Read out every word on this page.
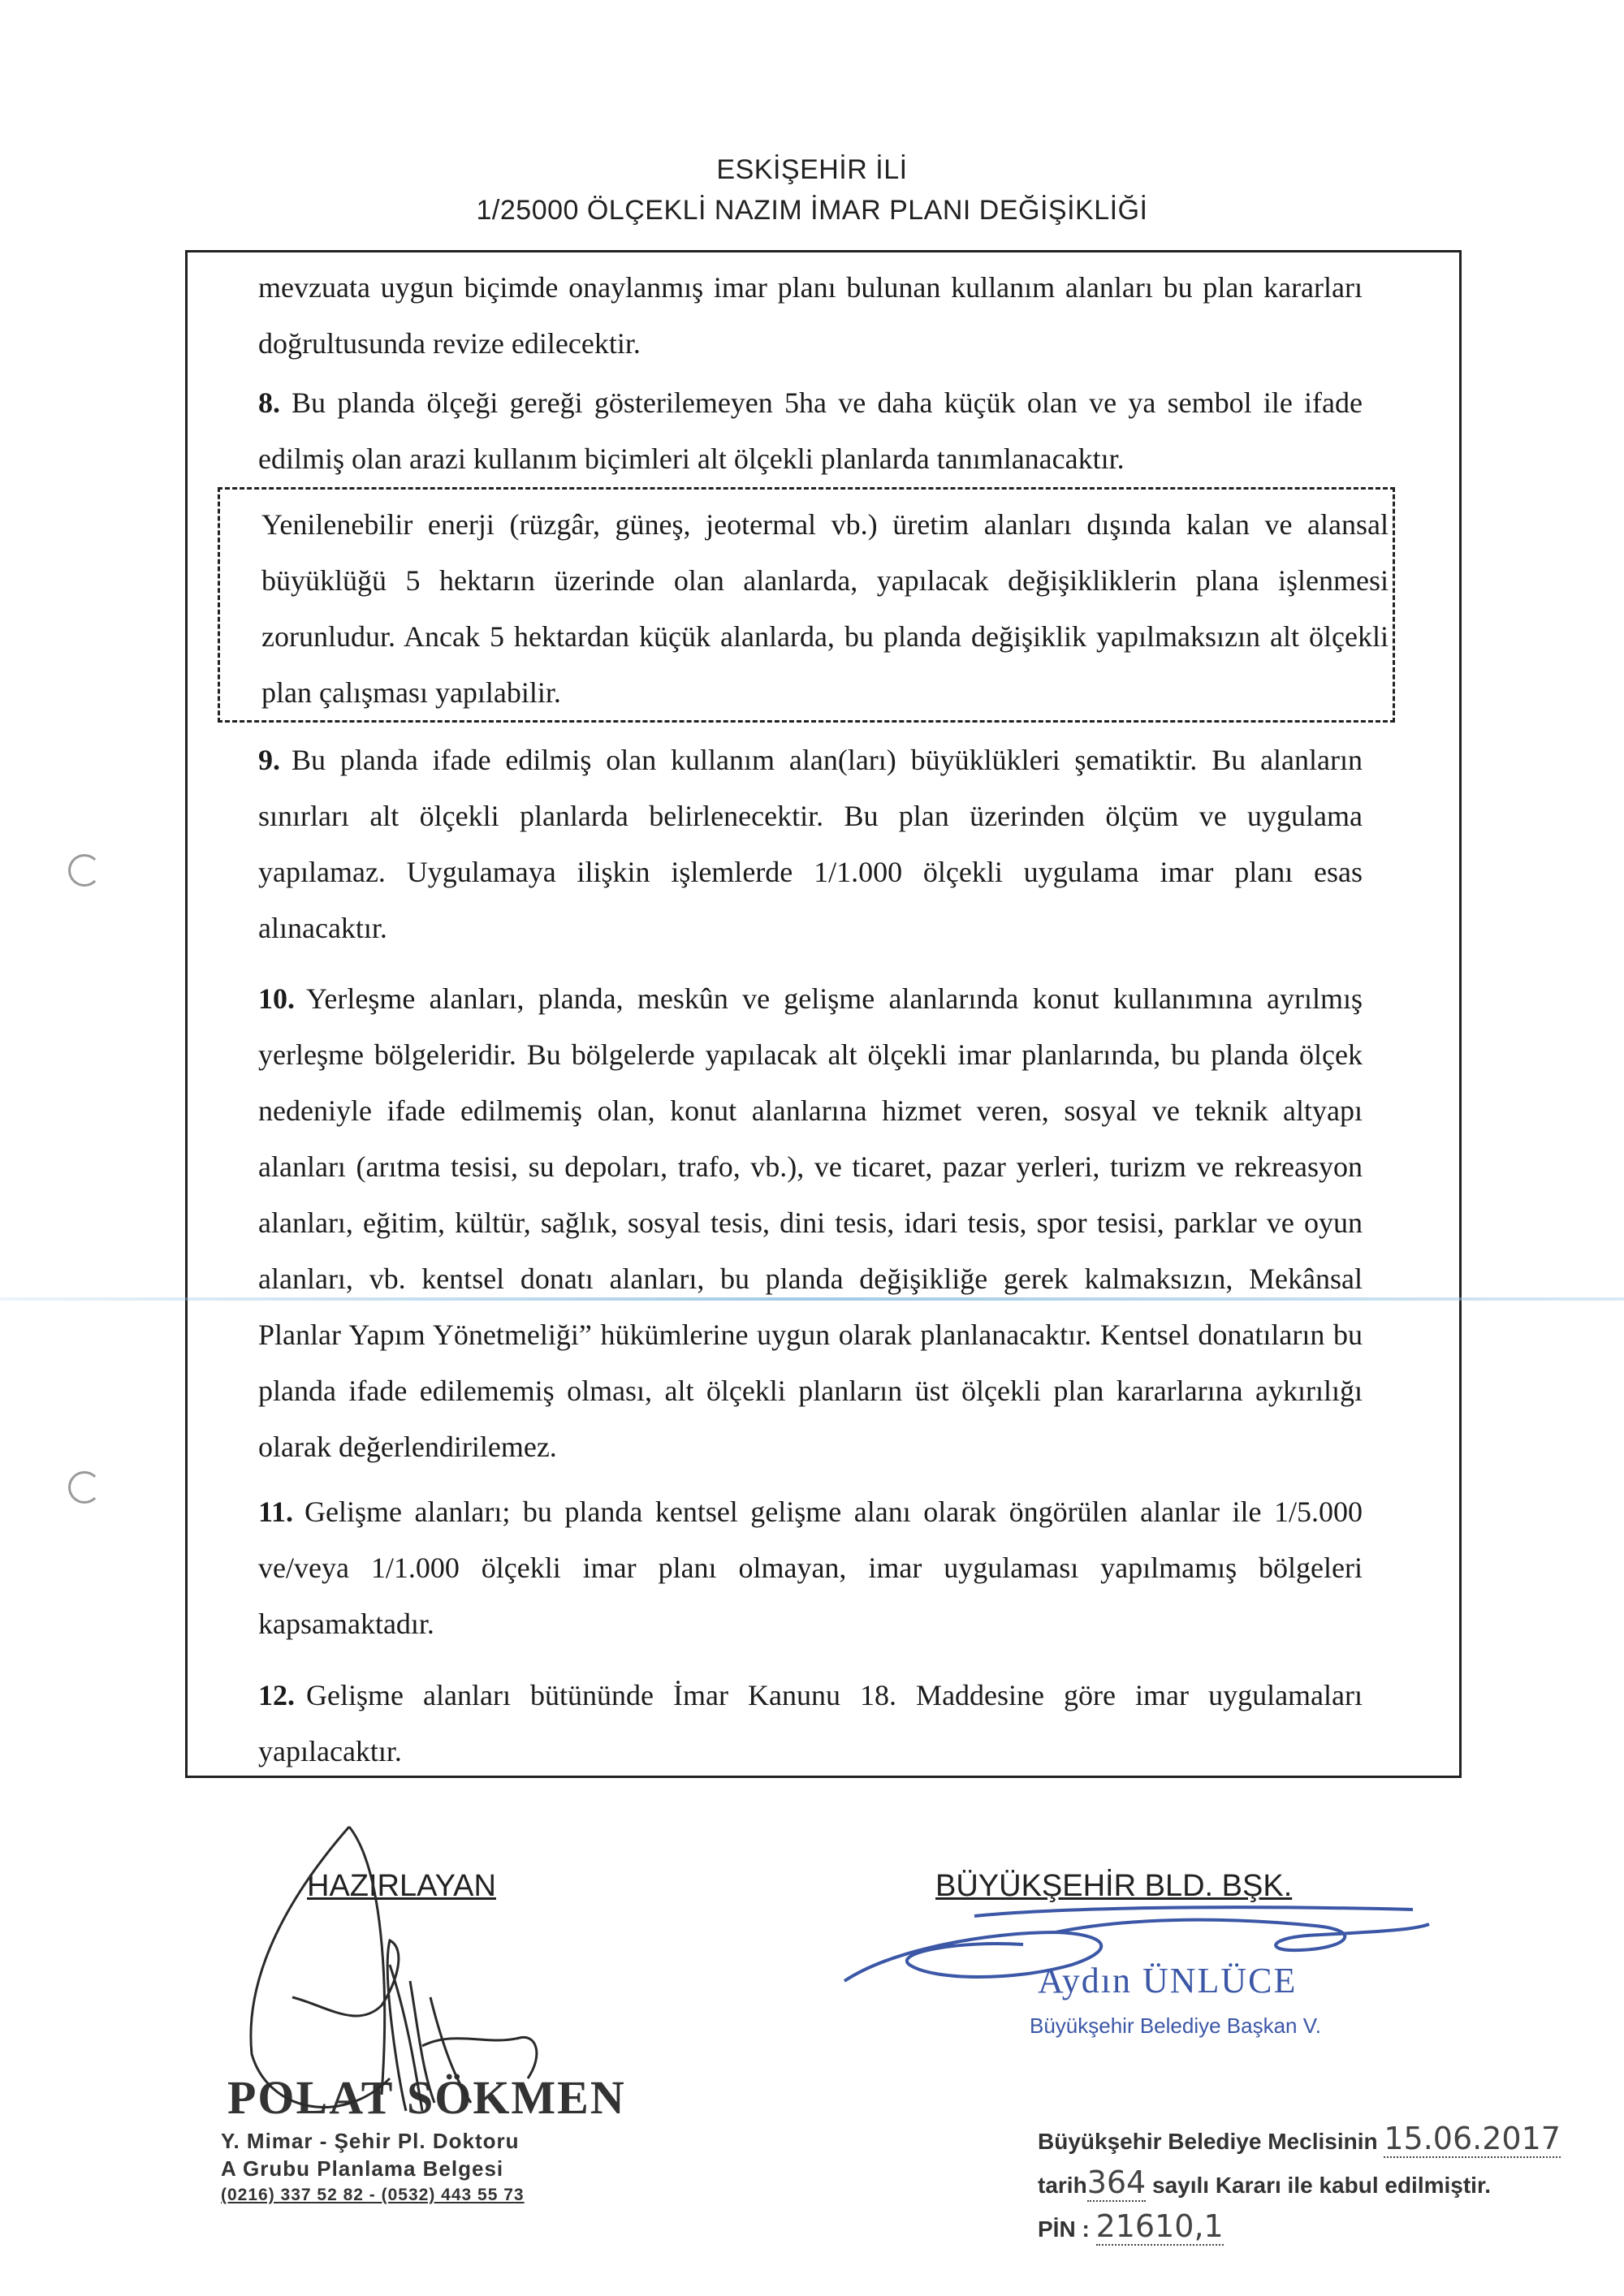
ESKİŞEHİR İLİ
1/25000 ÖLÇEKLİ NAZIM İMAR PLANI DEĞİŞİKLİĞİ
mevzuata uygun biçimde onaylanmış imar planı bulunan kullanım alanları bu plan kararları doğrultusunda revize edilecektir.
8. Bu planda ölçeği gereği gösterilemeyen 5ha ve daha küçük olan ve ya sembol ile ifade edilmiş olan arazi kullanım biçimleri alt ölçekli planlarda tanımlanacaktır.
Yenilenebilir enerji (rüzgâr, güneş, jeotermal vb.) üretim alanları dışında kalan ve alansal büyüklüğü 5 hektarın üzerinde olan alanlarda, yapılacak değişikliklerin plana işlenmesi zorunludur. Ancak 5 hektardan küçük alanlarda, bu planda değişiklik yapılmaksızın alt ölçekli plan çalışması yapılabilir.
9. Bu planda ifade edilmiş olan kullanım alan(ları) büyüklükleri şematiktir. Bu alanların sınırları alt ölçekli planlarda belirlenecektir. Bu plan üzerinden ölçüm ve uygulama yapılamaz. Uygulamaya ilişkin işlemlerde 1/1.000 ölçekli uygulama imar planı esas alınacaktır.
10. Yerleşme alanları, planda, meskûn ve gelişme alanlarında konut kullanımına ayrılmış yerleşme bölgeleridir. Bu bölgelerde yapılacak alt ölçekli imar planlarında, bu planda ölçek nedeniyle ifade edilmemiş olan, konut alanlarına hizmet veren, sosyal ve teknik altyapı alanları (arıtma tesisi, su depoları, trafo, vb.), ve ticaret, pazar yerleri, turizm ve rekreasyon alanları, eğitim, kültür, sağlık, sosyal tesis, dini tesis, idari tesis, spor tesisi, parklar ve oyun alanları, vb. kentsel donatı alanları, bu planda değişikliğe gerek kalmaksızın, Mekânsal Planlar Yapım Yönetmeliği” hükümlerine uygun olarak planlanacaktır. Kentsel donatıların bu planda ifade edilememiş olması, alt ölçekli planların üst ölçekli plan kararlarına aykırılığı olarak değerlendirilemez.
11. Gelişme alanları; bu planda kentsel gelişme alanı olarak öngörülen alanlar ile 1/5.000 ve/veya 1/1.000 ölçekli imar planı olmayan, imar uygulaması yapılmamış bölgeleri kapsamaktadır.
12. Gelişme alanları bütününde İmar Kanunu 18. Maddesine göre imar uygulamaları yapılacaktır.
HAZIRLAYAN	BÜYÜKŞEHİR BLD. BŞK.
POLAT SÖKMEN
Y. Mimar - Şehir Pl. Doktoru
A Grubu Planlama Belgesi
(0216) 337 52 82 - (0532) 443 55 73
Aydın ÜNLÜCE
Büyükşehir Belediye Başkan V.
Büyükşehir Belediye Meclisinin 15.06.2017
tarih364 sayılı Kararı ile kabul edilmiştir.
PİN : 21610,1
